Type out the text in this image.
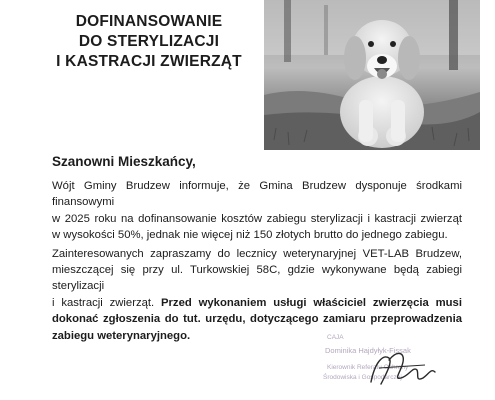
DOFINANSOWANIE
DO STERYLIZACJI
I KASTRACJI ZWIERZĄT
Szanowni Mieszkańcy,

Wójt Gminy Brudzew informuje, że Gmina Brudzew dysponuje środkami finansowymi

w 2025 roku na dofinansowanie kosztów zabiegu sterylizacji i kastracji zwierząt

w wysokości 50%, jednak nie więcej niż 150 złotych brutto do jednego zabiegu.

Zainteresowanych zapraszamy do lecznicy weterynaryjnej VET-LAB Brudzew,

mieszczącej się przy ul. Turkowskiej 58C, gdzie wykonywane będą zabiegi sterylizacji

i kastracji zwierząt. Przed wykonaniem usługi właściciel zwierzęcia musi

dokonać zgłoszenia do tut. urzędu, dotyczącego zamiaru przeprowadzenia

zabiegu weterynaryjnego.	CAJA
Dominika Hajdyłyk-Fissak
Kierownik Referatu Ochrony
Środowiska i Gospodarczej
